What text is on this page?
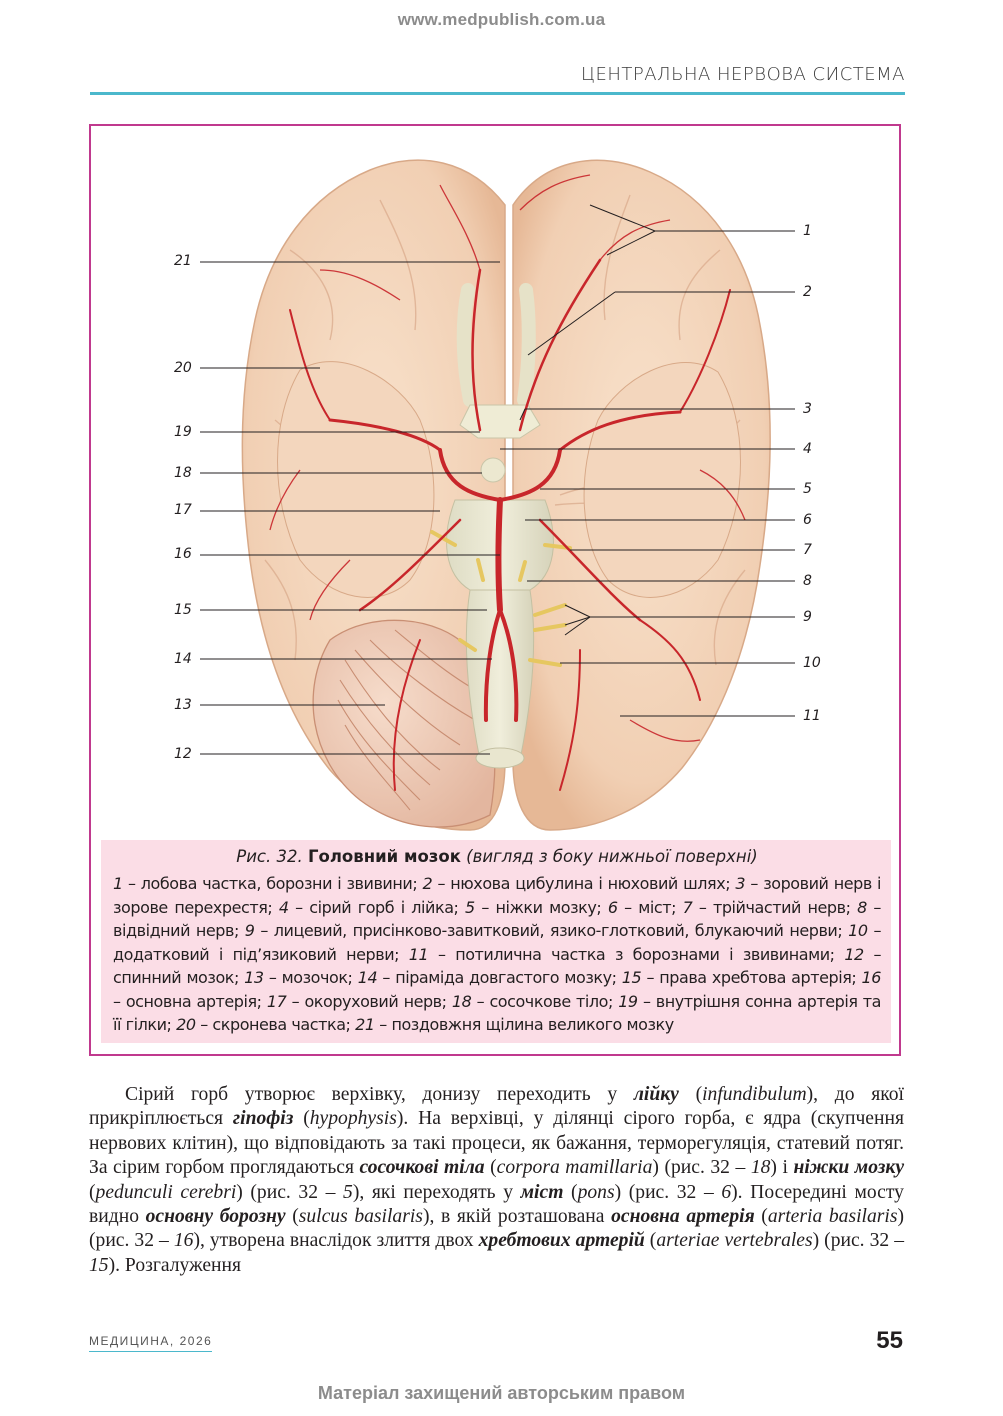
www.medpublish.com.ua
ЦЕНТРАЛЬНА НЕРВОВА СИСТЕМА
21
20
19
18
17
16
15
14
13
12
1
2
3
4
5
6
7
8
9
10
11
Рис. 32. Головний мозок (вигляд з боку нижньої поверхні)
1 – лобова частка, борозни і звивини; 2 – нюхова цибулина і нюховий шлях; 3 – зоровий нерв і зорове перехрестя; 4 – сірий горб і лійка; 5 – ніжки мозку; 6 – міст; 7 – трійчастий нерв; 8 – відвідний нерв; 9 – лицевий, присінково-завитковий, язико-глотковий, блукаючий нерви; 10 – додатковий і під’язиковий нерви; 11 – потилична частка з борознами і звивинами; 12 – спинний мозок; 13 – мозочок; 14 – піраміда довгастого мозку; 15 – права хребтова артерія; 16 – основна артерія; 17 – окоруховий нерв; 18 – сосочкове тіло; 19 – внутрішня сонна артерія та її гілки; 20 – скронева частка; 21 – поздовжня щілина великого мозку

Сірий горб утворює верхівку, донизу переходить у лійку (infundibulum), до якої прикріплюється гіпофіз (hypophysis). На верхівці, у ділянці сірого горба, є ядра (скупчення нервових клітин), що відповідають за такі процеси, як бажання, терморегуляція, статевий потяг. За сірим горбом проглядаються сосочкові тіла (corpora mamillaria) (рис. 32 – 18) і ніжки мозку (pedunculi cerebri) (рис. 32 – 5), які переходять у міст (pons) (рис. 32 – 6). Посередині мосту видно основну борозну (sulcus basilaris), в якій розташована основна артерія (arteria basilaris) (рис. 32 – 16), утворена внаслідок злиття двох хребтових артерій (arteriae vertebrales) (рис. 32 – 15). Розгалуження

МЕДИЦИНА, 2026	55
Матеріал захищений авторським правом
